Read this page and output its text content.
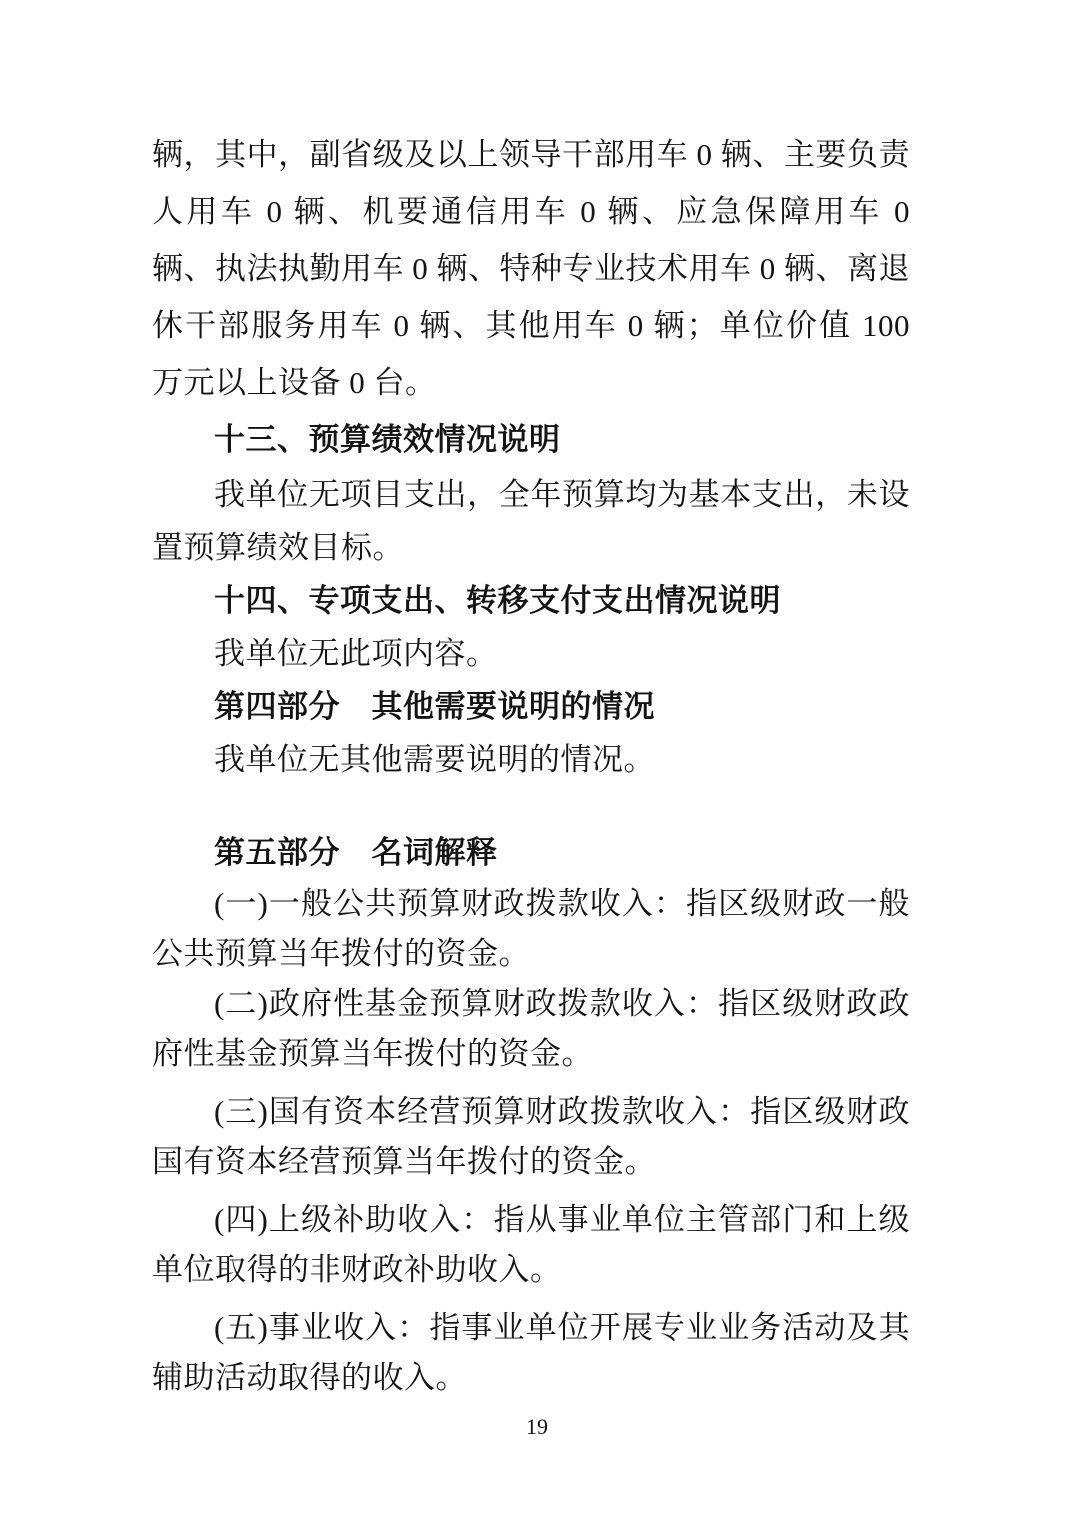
辆，其中，副省级及以上领导干部用车 0 辆、主要负责人用车 0 辆、机要通信用车 0 辆、应急保障用车 0 辆、执法执勤用车 0 辆、特种专业技术用车 0 辆、离退休干部服务用车 0 辆、其他用车 0 辆；单位价值 100 万元以上设备 0 台。

十三、预算绩效情况说明

我单位无项目支出，全年预算均为基本支出，未设置预算绩效目标。

十四、专项支出、转移支付支出情况说明

我单位无此项内容。

第四部分　其他需要说明的情况

我单位无其他需要说明的情况。

第五部分　名词解释

(一)一般公共预算财政拨款收入：指区级财政一般公共预算当年拨付的资金。

(二)政府性基金预算财政拨款收入：指区级财政政府性基金预算当年拨付的资金。

(三)国有资本经营预算财政拨款收入：指区级财政国有资本经营预算当年拨付的资金。

(四)上级补助收入：指从事业单位主管部门和上级单位取得的非财政补助收入。

(五)事业收入：指事业单位开展专业业务活动及其辅助活动取得的收入。

19
